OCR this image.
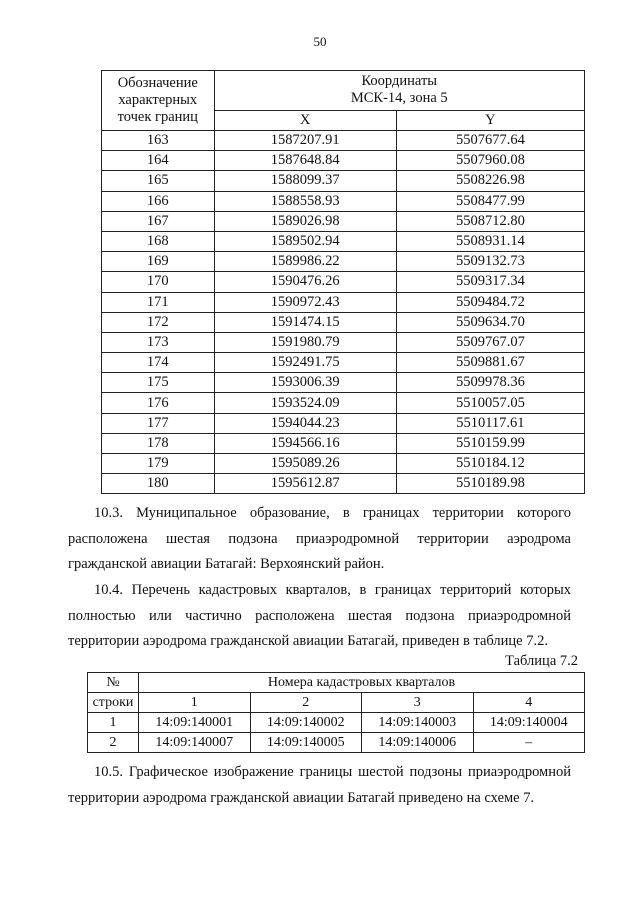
50
Обозначение
характерных
точек границ	Координаты
МСК-14, зона 5	
	X	Y
163	1587207.91	5507677.64
164	1587648.84	5507960.08
165	1588099.37	5508226.98
166	1588558.93	5508477.99
167	1589026.98	5508712.80
168	1589502.94	5508931.14
169	1589986.22	5509132.73
170	1590476.26	5509317.34
171	1590972.43	5509484.72
172	1591474.15	5509634.70
173	1591980.79	5509767.07
174	1592491.75	5509881.67
175	1593006.39	5509978.36
176	1593524.09	5510057.05
177	1594044.23	5510117.61
178	1594566.16	5510159.99
179	1595089.26	5510184.12
180	1595612.87	5510189.98

10.3. Муниципальное образование, в границах территории которого расположена шестая подзона приаэродромной территории аэродрома гражданской авиации Батагай: Верхоянский район.

10.4. Перечень кадастровых кварталов, в границах территорий которых полностью или частично расположена шестая подзона приаэродромной территории аэродрома гражданской авиации Батагай, приведен в таблице 7.2.

Таблица 7.2
№	Номера кадастровых кварталов			
строки	1	2	3	4
1	14:09:140001	14:09:140002	14:09:140003	14:09:140004
2	14:09:140007	14:09:140005	14:09:140006	–

10.5. Графическое изображение границы шестой подзоны приаэродромной территории аэродрома гражданской авиации Батагай приведено на схеме 7.
